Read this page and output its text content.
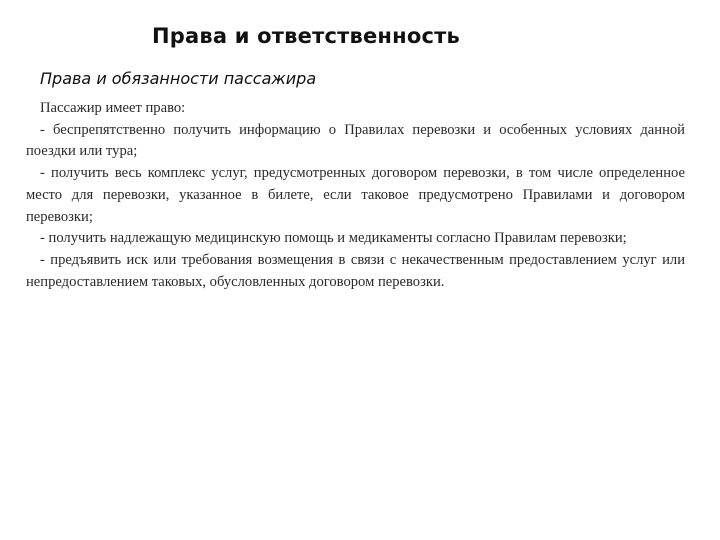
Права и ответственность
Права и обязанности пассажира

Пассажир имеет право:

- беспрепятственно получить информацию о Правилах перевозки и особенных условиях данной поездки или тура;

- получить весь комплекс услуг, предусмотренных договором перевозки, в том числе определенное место для перевозки, указанное в билете, если таковое предусмотрено Правилами и договором перевозки;

- получить надлежащую медицинскую помощь и медикаменты согласно Правилам перевозки;

- предъявить иск или требования возмещения в связи с некачественным предоставлением услуг или непредоставлением таковых, обусловленных договором перевозки.
